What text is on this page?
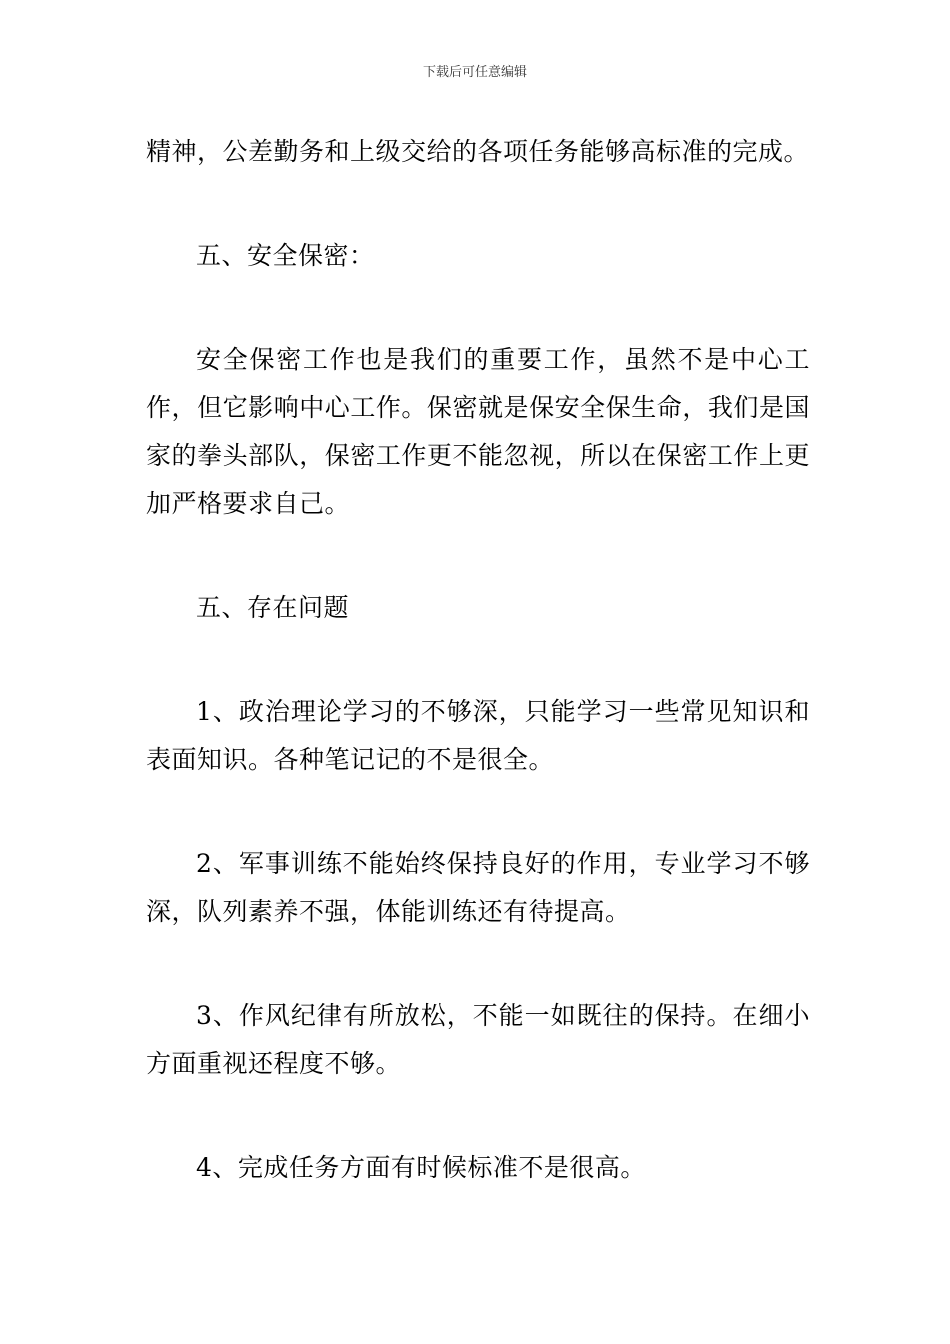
下载后可任意编辑

精神，公差勤务和上级交给的各项任务能够高标准的完成。

五、安全保密：

安全保密工作也是我们的重要工作，虽然不是中心工作，但它影响中心工作。保密就是保安全保生命，我们是国家的拳头部队，保密工作更不能忽视，所以在保密工作上更加严格要求自己。

五、存在问题

1、政治理论学习的不够深，只能学习一些常见知识和表面知识。各种笔记记的不是很全。

2、军事训练不能始终保持良好的作用，专业学习不够深，队列素养不强，体能训练还有待提高。

3、作风纪律有所放松，不能一如既往的保持。在细小方面重视还程度不够。

4、完成任务方面有时候标准不是很高。
